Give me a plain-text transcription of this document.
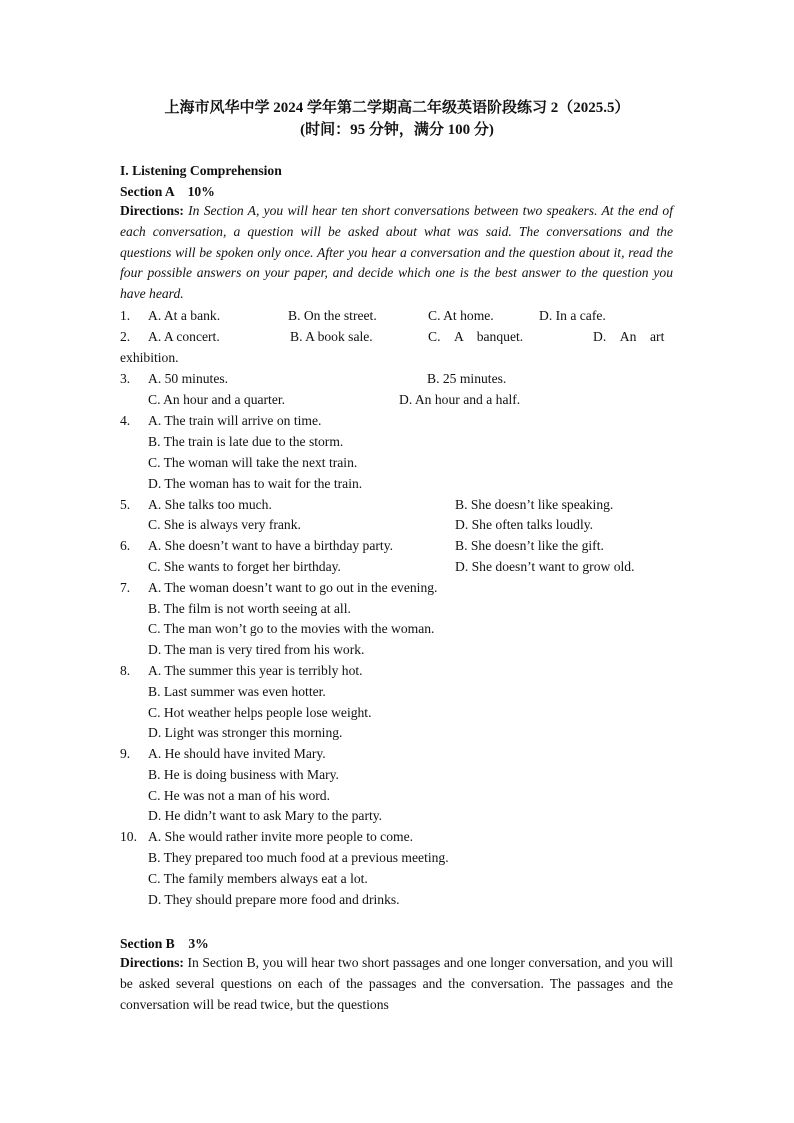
上海市风华中学 2024 学年第二学期高二年级英语阶段练习 2（2025.5）
(时间：95 分钟，满分 100 分)
I. Listening Comprehension
Section A　10%
Directions: In Section A, you will hear ten short conversations between two speakers. At the end of each conversation, a question will be asked about what was said. The conversations and the questions will be spoken only once. After you hear a conversation and the question about it, read the four possible answers on your paper, and decide which one is the best answer to the question you have heard.
1. A. At a bank.	B. On the street.	C. At home.	D. In a cafe.
2. A. A concert.	B. A book sale.	C.　A　banquet.	D.　An　art
exhibition.
3. A. 50 minutes.	B. 25 minutes.
C. An hour and a quarter.	D. An hour and a half.
4. A. The train will arrive on time.
B. The train is late due to the storm.
C. The woman will take the next train.
D. The woman has to wait for the train.
5. A. She talks too much.	B. She doesn’t like speaking.
C. She is always very frank.	D. She often talks loudly.
6. A. She doesn’t want to have a birthday party.	B. She doesn’t like the gift.
C. She wants to forget her birthday.	D. She doesn’t want to grow old.
7. A. The woman doesn’t want to go out in the evening.
B. The film is not worth seeing at all.
C. The man won’t go to the movies with the woman.
D. The man is very tired from his work.
8. A. The summer this year is terribly hot.
B. Last summer was even hotter.
C. Hot weather helps people lose weight.
D. Light was stronger this morning.
9. A. He should have invited Mary.
B. He is doing business with Mary.
C. He was not a man of his word.
D. He didn’t want to ask Mary to the party.
10. A. She would rather invite more people to come.
B. They prepared too much food at a previous meeting.
C. The family members always eat a lot.
D. They should prepare more food and drinks.
Section B　3%
Directions: In Section B, you will hear two short passages and one longer conversation, and you will be asked several questions on each of the passages and the conversation. The passages and the conversation will be read twice, but the questions
